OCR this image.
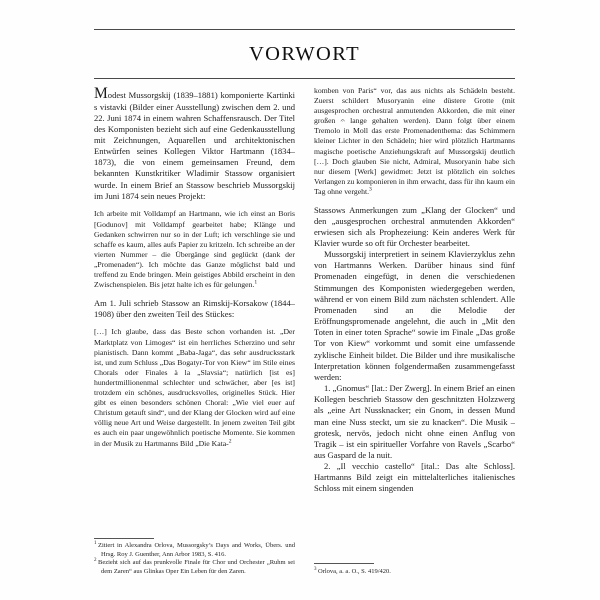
VORWORT

Modest Mussorgskij (1839–1881) komponierte Kartinki s vistavki (Bilder einer Ausstellung) zwischen dem 2. und 22. Juni 1874 in einem wahren Schaffensrausch. Der Titel des Komponisten bezieht sich auf eine Gedenkausstellung mit Zeichnungen, Aquarellen und architektonischen Entwürfen seines Kollegen Viktor Hartmann (1834–1873), die von einem gemeinsamen Freund, dem bekannten Kunstkritiker Wladimir Stassow organisiert wurde. In einem Brief an Stassow beschrieb Mussorgskij im Juni 1874 sein neues Projekt:

Ich arbeite mit Volldampf an Hartmann, wie ich einst an Boris [Godunov] mit Volldampf gearbeitet habe; Klänge und Gedanken schwirren nur so in der Luft; ich verschlinge sie und schaffe es kaum, alles aufs Papier zu kritzeln. Ich schreibe an der vierten Nummer – die Übergänge sind geglückt (dank der „Promenaden“). Ich möchte das Ganze möglichst bald und treffend zu Ende bringen. Mein geistiges Abbild erscheint in den Zwischenspielen. Bis jetzt halte ich es für gelungen.$^1$

Am 1. Juli schrieb Stassow an Rimskij-Korsakow (1844–1908) über den zweiten Teil des Stückes:

[…] Ich glaube, dass das Beste schon vorhanden ist. „Der Marktplatz von Limoges“ ist ein herrliches Scherzino und sehr pianistisch. Dann kommt „Baba-Jaga“, das sehr ausdrucksstark ist, und zum Schluss „Das Bogatyr-Tor von Kiew“ im Stile eines Chorals oder Finales à la „Slavsia“; natürlich [ist es] hundertmillionenmal schlechter und schwächer, aber [es ist] trotzdem ein schönes, ausdrucksvolles, originelles Stück. Hier gibt es einen besonders schönen Choral: „Wie viel euer auf Christum getauft sind“, und der Klang der Glocken wird auf eine völlig neue Art und Weise dargestellt. In jenem zweiten Teil gibt es auch ein paar ungewöhnlich poetische Momente. Sie kommen in der Musik zu Hartmanns Bild „Die Kata-$^2$

$^1$ Zitiert in Alexandra Orlova, Mussorgsky’s Days and Works, Übers. und Hrsg. Roy J. Guenther, Ann Arbor 1983, S. 416.

$^2$ Bezieht sich auf das prunkvolle Finale für Chor und Orchester „Ruhm sei dem Zaren“ aus Glinkas Oper Ein Leben für den Zaren.

komben von Paris“ vor, das aus nichts als Schädeln besteht. Zuerst schildert Musoryanin eine düstere Grotte (mit ausgesprochen orchestral anmutenden Akkorden, die mit einer großen 𝄐 lange gehalten werden). Dann folgt über einem Tremolo in Moll das erste Promenadenthema: das Schimmern kleiner Lichter in den Schädeln; hier wird plötzlich Hartmanns magische poetische Anziehungskraft auf Mussorgskij deutlich […]. Doch glauben Sie nicht, Admiral, Musoryanin habe sich nur diesem [Werk] gewidmet: Jetzt ist plötzlich ein solches Verlangen zu komponieren in ihm erwacht, dass für ihn kaum ein Tag ohne vergeht.$^3$

Stassows Anmerkungen zum „Klang der Glocken“ und den „ausgesprochen orchestral anmutenden Akkorden“ erwiesen sich als Prophezeiung: Kein anderes Werk für Klavier wurde so oft für Orchester bearbeitet.

Mussorgskij interpretiert in seinem Klavierzyklus zehn von Hartmanns Werken. Darüber hinaus sind fünf Promenaden eingefügt, in denen die verschiedenen Stimmungen des Komponisten wiedergegeben werden, während er von einem Bild zum nächsten schlendert. Alle Promenaden sind an die Melodie der Eröffnungspromenade angelehnt, die auch in „Mit den Toten in einer toten Sprache“ sowie im Finale „Das große Tor von Kiew“ vorkommt und somit eine umfassende zyklische Einheit bildet. Die Bilder und ihre musikalische Interpretation können folgendermaßen zusammengefasst werden:

1. „Gnomus“ [lat.: Der Zwerg]. In einem Brief an einen Kollegen beschrieb Stassow den geschnitzten Holzzwerg als „eine Art Nussknacker; ein Gnom, in dessen Mund man eine Nuss steckt, um sie zu knacken“. Die Musik – grotesk, nervös, jedoch nicht ohne einen Anflug von Tragik – ist ein spiritueller Vorfahre von Ravels „Scarbo“ aus Gaspard de la nuit.

2. „Il vecchio castello“ [ital.: Das alte Schloss]. Hartmanns Bild zeigt ein mittelalterliches italienisches Schloss mit einem singenden

$^3$ Orlova, a. a. O., S. 419/420.
